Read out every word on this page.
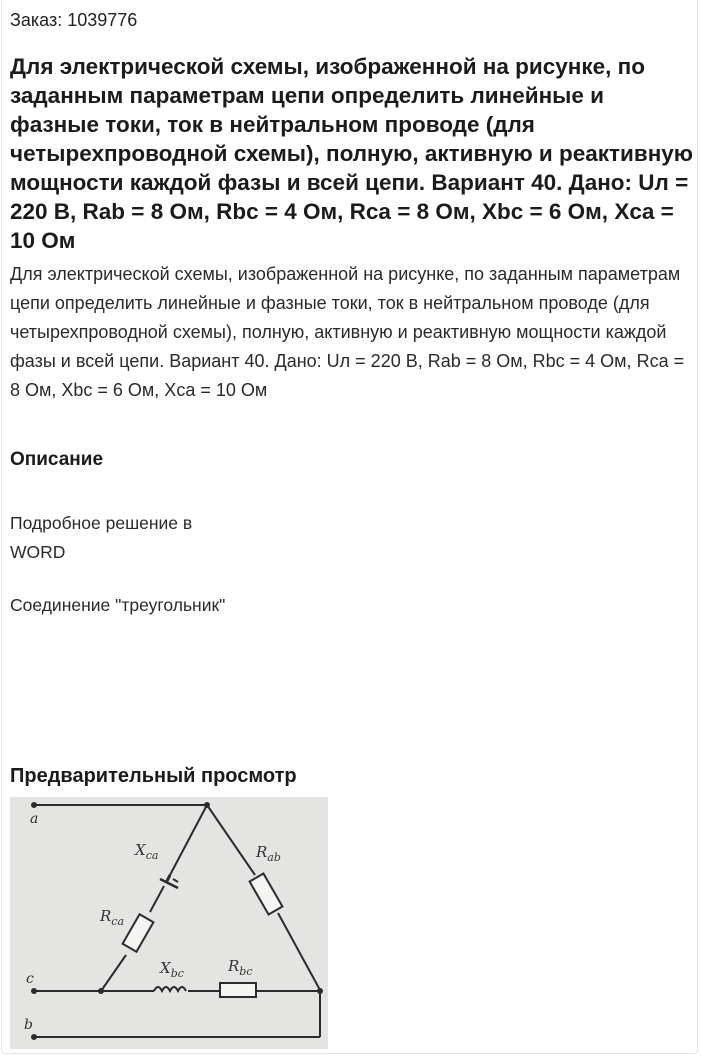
Заказ: 1039776
Для электрической схемы, изображенной на рисунке, по заданным параметрам цепи определить линейные и фазные токи, ток в нейтральном проводе (для четырехпроводной схемы), полную, активную и реактивную мощности каждой фазы и всей цепи. Вариант 40. Дано: Uл = 220 В, Rab = 8 Ом, Rbc = 4 Ом, Rca = 8 Ом, Xbc = 6 Ом, Xca = 10 Ом

Для электрической схемы, изображенной на рисунке, по заданным параметрам цепи определить линейные и фазные токи, ток в нейтральном проводе (для четырехпроводной схемы), полную, активную и реактивную мощности каждой фазы и всей цепи. Вариант 40. Дано: Uл = 220 В, Rab = 8 Ом, Rbc = 4 Ом, Rca = 8 Ом, Xbc = 6 Ом, Xca = 10 Ом

Описание

Подробное решение в WORD

Соединение "треугольник"

Предварительный просмотр
a
c
b
$X_{ca}$	$R_{ab}$
$R_{ca}$
$X_{bc}$	$R_{bc}$
